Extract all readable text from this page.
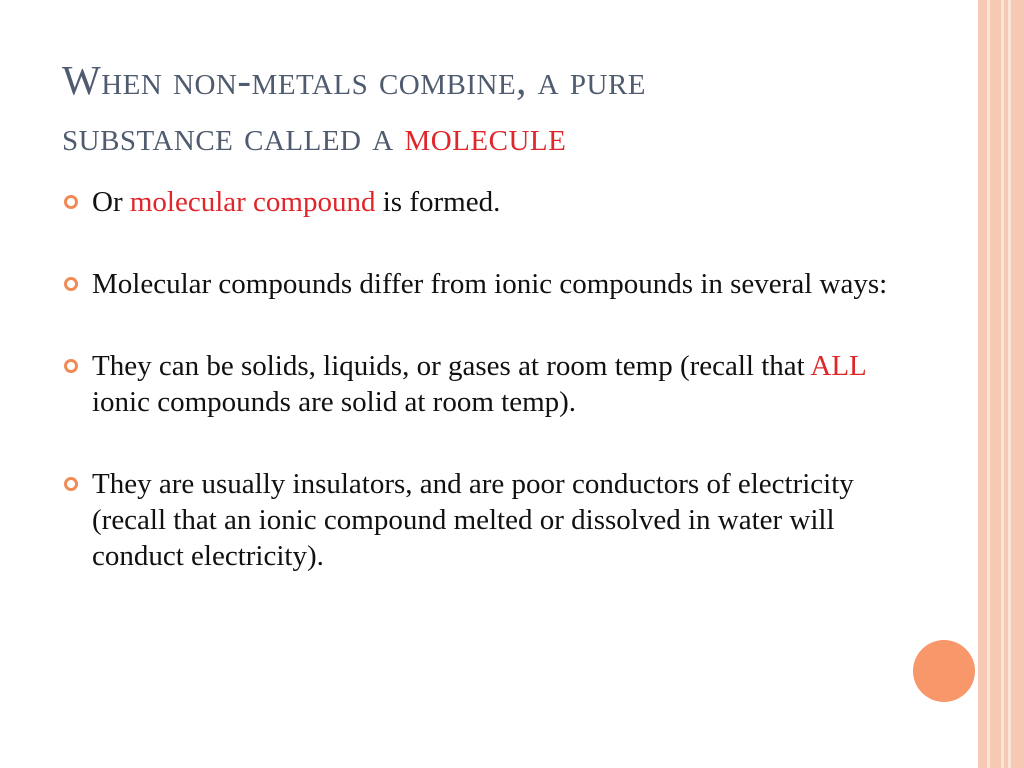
When non-metals combine, a pure
substance called a molecule
Or molecular compound is formed.
Molecular compounds differ from ionic compounds in several ways:
They can be solids, liquids, or gases at room temp (recall that ALL ionic compounds are solid at room temp).
They are usually insulators, and are poor conductors of electricity (recall that an ionic compound melted or dissolved in water will conduct electricity).
